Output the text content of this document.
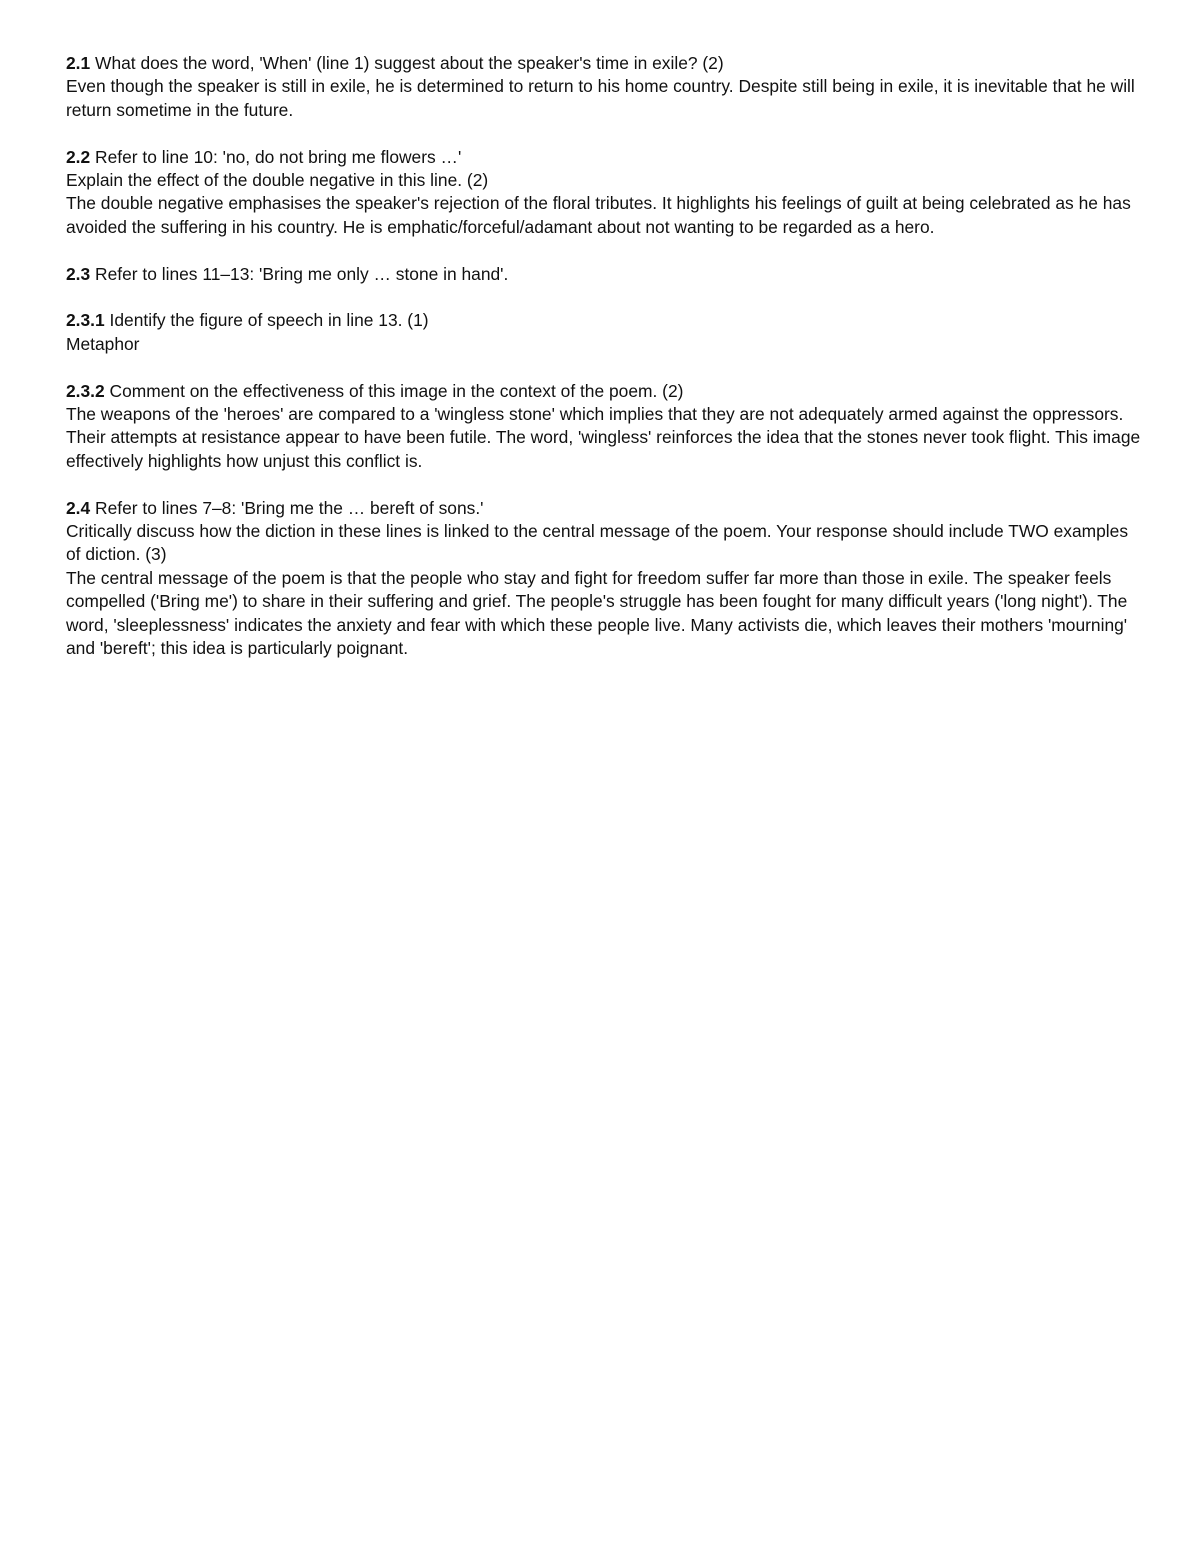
2.1 What does the word, 'When' (line 1) suggest about the speaker's time in exile? (2)
Even though the speaker is still in exile, he is determined to return to his home country. Despite still being in exile, it is inevitable that he will return sometime in the future.
2.2 Refer to line 10: 'no, do not bring me flowers …'
Explain the effect of the double negative in this line. (2)
The double negative emphasises the speaker's rejection of the floral tributes. It highlights his feelings of guilt at being celebrated as he has avoided the suffering in his country. He is emphatic/forceful/adamant about not wanting to be regarded as a hero.
2.3 Refer to lines 11–13: 'Bring me only … stone in hand'.
2.3.1 Identify the figure of speech in line 13. (1)
Metaphor
2.3.2 Comment on the effectiveness of this image in the context of the poem. (2)
The weapons of the 'heroes' are compared to a 'wingless stone' which implies that they are not adequately armed against the oppressors. Their attempts at resistance appear to have been futile. The word, 'wingless' reinforces the idea that the stones never took flight. This image effectively highlights how unjust this conflict is.
2.4 Refer to lines 7–8: 'Bring me the … bereft of sons.'
Critically discuss how the diction in these lines is linked to the central message of the poem. Your response should include TWO examples of diction. (3)
The central message of the poem is that the people who stay and fight for freedom suffer far more than those in exile. The speaker feels compelled ('Bring me') to share in their suffering and grief. The people's struggle has been fought for many difficult years ('long night'). The word, 'sleeplessness' indicates the anxiety and fear with which these people live. Many activists die, which leaves their mothers 'mourning' and 'bereft'; this idea is particularly poignant.
